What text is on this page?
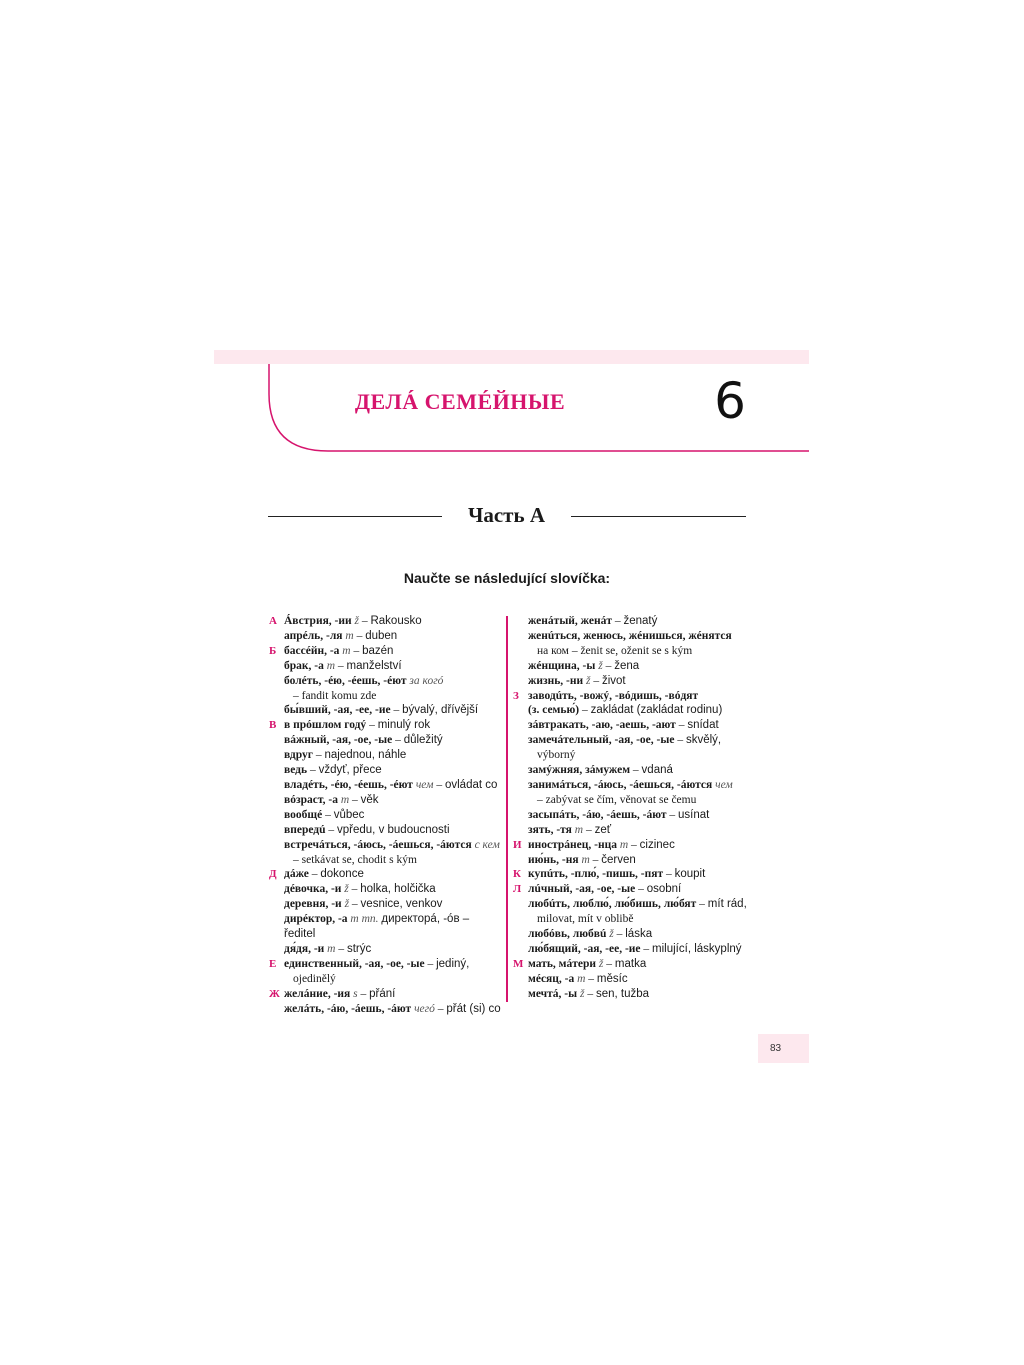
ДЕЛÁ СЕМÉЙНЫЕ	6
Часть А
Naučte se následující slovíčka:
А Áвстрия, -ии ž – Rakousko
апрéль, -ля m – duben
Б бассéйн, -а m – bazén
брак, -а m – manželství
болéть, -éю, -éешь, -éют за когó
– fandit komu zde
бы́вший, -ая, -ее, -ие – bývalý, dřívější
В в прóшлом годý – minulý rok
вáжный, -ая, -ое, -ые – důležitý
вдруг – najednou, náhle
ведь – vždyť, přece
владéть, -éю, -éешь, -éют чем – ovládat co
вóзраст, -а m – věk
вообщé – vůbec
впередú – vpředu, v budoucnosti
встречáться, -áюсь, -áешься, -áются с кем
– setkávat se, chodit s kým
Д дáже – dokonce
дéвочка, -и ž – holka, holčička
деревня, -и ž – vesnice, venkov
дирéктор, -а m mn. директорá, -óв – ředitel
дя́дя, -и m – strýc
Е единствeнный, -ая, -ое, -ые – jediný,
ojedinělý
Ж желáние, -ия s – přání
желáть, -áю, -áешь, -áют чегó – přát (si) co
женáтый, женáт – ženatý
женúться, женюсь, жéнишься, жéнятся
на ком – ženit se, oženit se s kým
жéнщина, -ы ž – žena
жизнь, -ни ž – život
З заводúть, -вожý, -вóдишь, -вóдят
(з. семью́) – zakládat (zakládat rodinu)
зáвтракать, -аю, -аешь, -ают – snídat
замечáтельный, -ая, -ое, -ые – skvělý,
výborný
замýжняя, зáмужем – vdaná
занимáться, -áюсь, -áешься, -áются чем
– zabývat se čím, věnovat se čemu
засыпáть, -áю, -áешь, -áют – usínat
зять, -тя m – zeť
И инострáнец, -нца m – cizinec
ию́нь, -ня m – červen
К купúть, -плю́, -пишь, -пят – koupit
Л лúчный, -ая, -ое, -ые – osobní
любúть, люблю́, лю́бишь, лю́бят – mít rád,
milovat, mít v oblibě
любóвь, любвú ž – láska
лю́бящий, -ая, -ее, -ие – milující, láskyplný
М мать, мáтери ž – matka
мéсяц, -а m – měsíc
мечтá, -ы ž – sen, tužba
83
